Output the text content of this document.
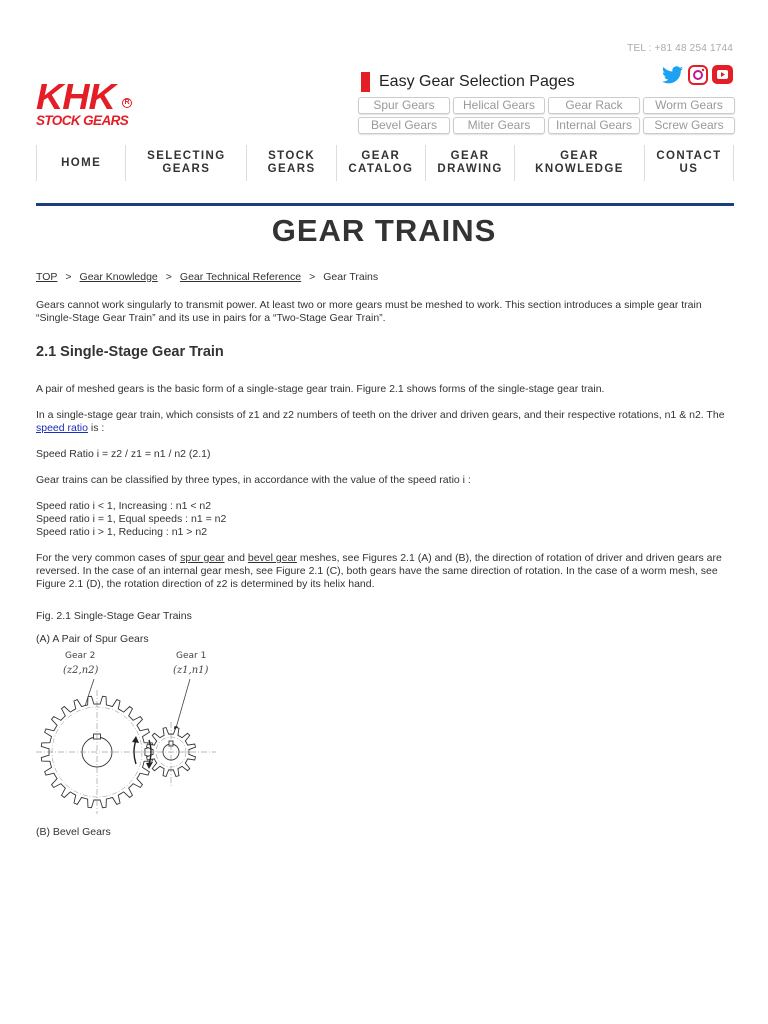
TEL : +81 48 254 1744
KHK	R
STOCK GEARS
Easy Gear Selection Pages
Spur Gears	Helical Gears	Gear Rack	Worm Gears
Bevel Gears	Miter Gears	Internal Gears	Screw Gears
HOME
SELECTING GEARS
STOCK GEARS
GEAR CATALOG
GEAR DRAWING
GEAR KNOWLEDGE
CONTACT US
GEAR TRAINS
TOP > Gear Knowledge > Gear Technical Reference > Gear Trains

Gears cannot work singularly to transmit power. At least two or more gears must be meshed to work. This section introduces a simple gear train “Single-Stage Gear Train” and its use in pairs for a “Two-Stage Gear Train”.

2.1 Single-Stage Gear Train

A pair of meshed gears is the basic form of a single-stage gear train. Figure 2.1 shows forms of the single-stage gear train.

In a single-stage gear train, which consists of z1 and z2 numbers of teeth on the driver and driven gears, and their respective rotations, n1 & n2. The speed ratio is :

Speed Ratio i = z2 / z1 = n1 / n2 (2.1)

Gear trains can be classified by three types, in accordance with the value of the speed ratio i :

Speed ratio i < 1, Increasing : n1 < n2
Speed ratio i = 1, Equal speeds : n1 = n2
Speed ratio i > 1, Reducing : n1 > n2

For the very common cases of spur gear and bevel gear meshes, see Figures 2.1 (A) and (B), the direction of rotation of driver and driven gears are reversed. In the case of an internal gear mesh, see Figure 2.1 (C), both gears have the same direction of rotation. In the case of a worm mesh, see Figure 2.1 (D), the rotation direction of z2 is determined by its helix hand.

Fig. 2.1 Single-Stage Gear Trains

(A) A Pair of Spur Gears

Gear 2
(z2,n2)
Gear 1
(z1,n1)
(B) Bevel Gears
